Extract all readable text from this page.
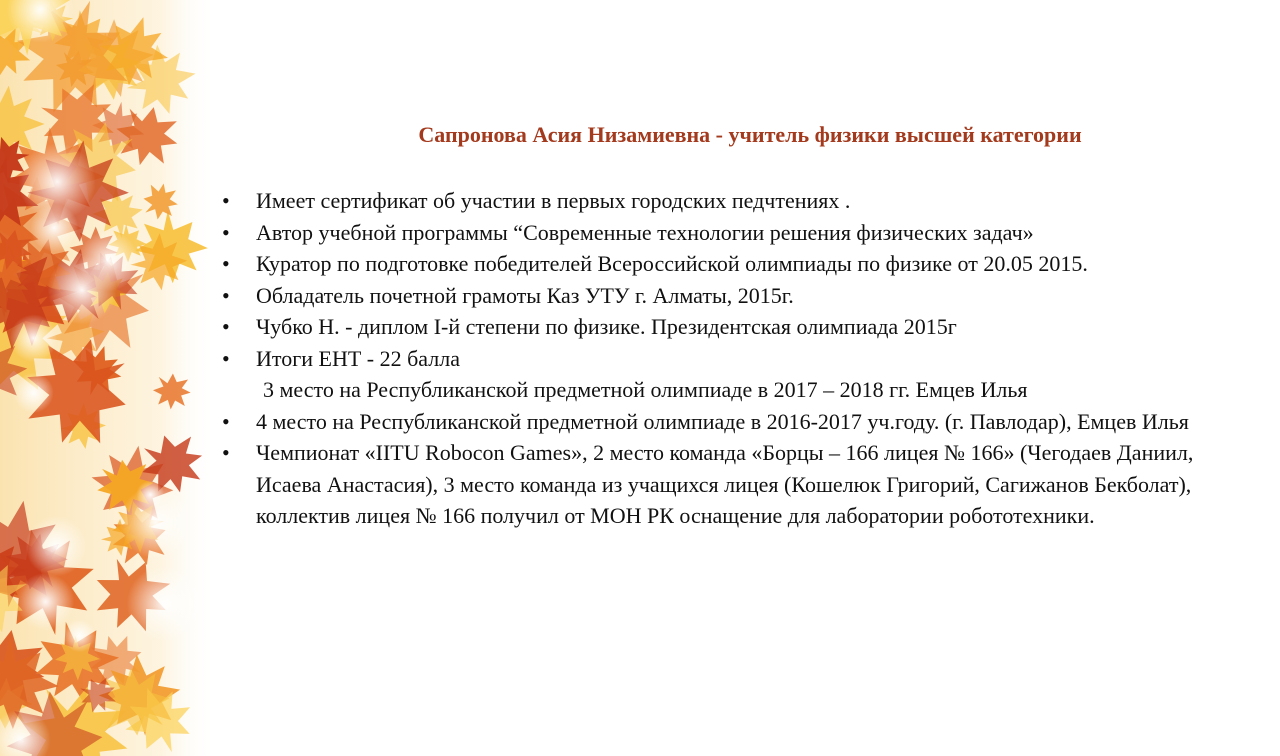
Сапронова Асия Низамиевна - учитель физики высшей категории
• Имеет сертификат об участии в первых городских педчтениях .
• Автор учебной программы “Современные технологии решения физических задач»
• Куратор по подготовке победителей Всероссийской олимпиады по физике от 20.05 2015.
• Обладатель почетной грамоты Каз УТУ г. Алматы, 2015г.
• Чубко Н. - диплом I-й степени по физике. Президентская олимпиада 2015г
• Итоги ЕНТ - 22 балла
3 место на Республиканской предметной олимпиаде в 2017 – 2018 гг. Емцев Илья
• 4 место на Республиканской предметной олимпиаде в 2016-2017 уч.году. (г. Павлодар), Емцев Илья
• Чемпионат «IITU Robocon Games», 2 место команда «Борцы – 166 лицея № 166» (Чегодаев Даниил, Исаева Анастасия), 3 место команда из учащихся лицея (Кошелюк Григорий, Сагижанов Бекболат), коллектив лицея № 166 получил от МОН РК оснащение для лаборатории робототехники.
